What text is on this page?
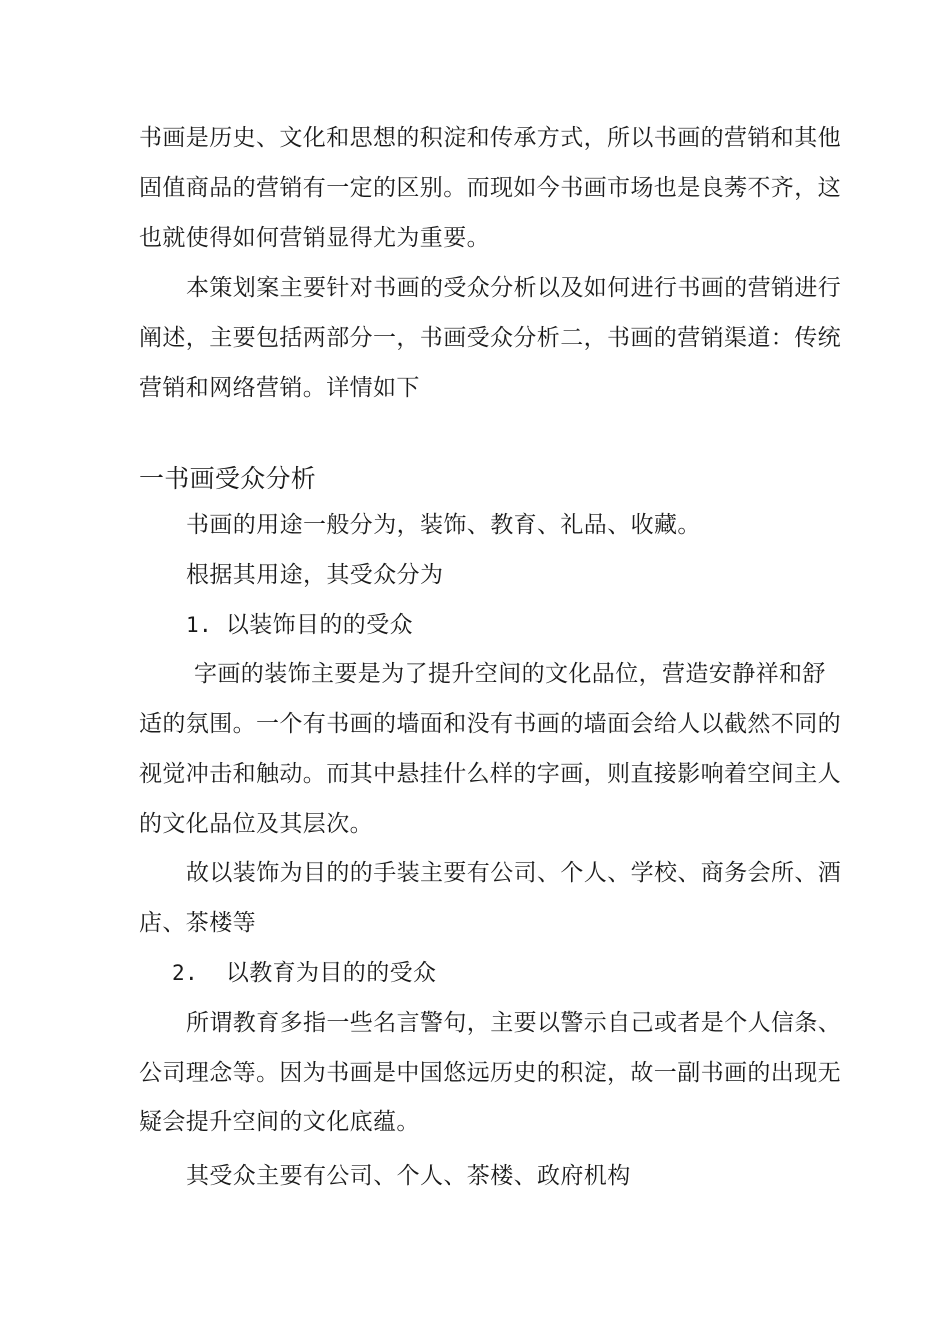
书画是历史、文化和思想的积淀和传承方式，所以书画的营销和其他
固值商品的营销有一定的区别。而现如今书画市场也是良莠不齐，这
也就使得如何营销显得尤为重要。
本策划案主要针对书画的受众分析以及如何进行书画的营销进行
阐述，主要包括两部分一，书画受众分析二，书画的营销渠道：传统
营销和网络营销。详情如下
一书画受众分析
书画的用途一般分为，装饰、教育、礼品、收藏。
根据其用途，其受众分为
1. 以装饰目的的受众
字画的装饰主要是为了提升空间的文化品位，营造安静祥和舒
适的氛围。一个有书画的墙面和没有书画的墙面会给人以截然不同的
视觉冲击和触动。而其中悬挂什么样的字画，则直接影响着空间主人
的文化品位及其层次。
故以装饰为目的的手装主要有公司、个人、学校、商务会所、酒
店、茶楼等
2. 以教育为目的的受众
所谓教育多指一些名言警句，主要以警示自己或者是个人信条、
公司理念等。因为书画是中国悠远历史的积淀，故一副书画的出现无
疑会提升空间的文化底蕴。
其受众主要有公司、个人、茶楼、政府机构
